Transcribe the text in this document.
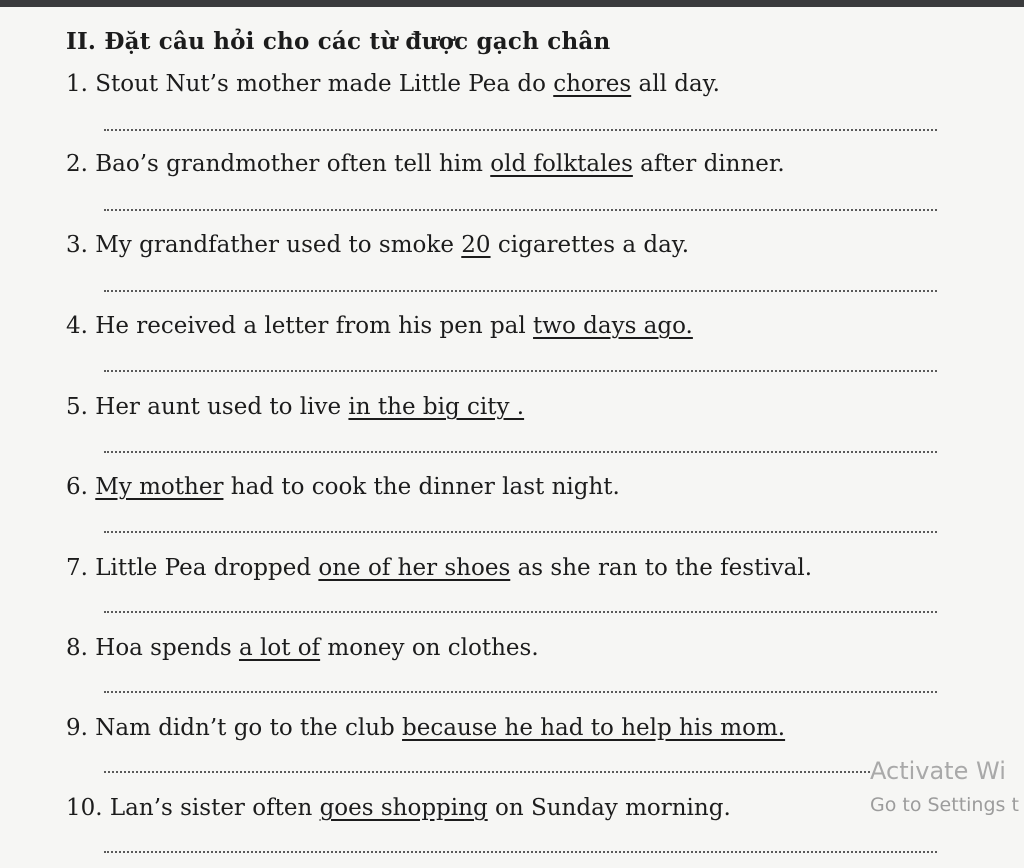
II. Đặt câu hỏi cho các từ được gạch chân
1. Stout Nut’s mother made Little Pea do chores all day.
2. Bao’s grandmother often tell him old folktales after dinner.
3. My grandfather used to smoke 20 cigarettes a day.
4. He received a letter from his pen pal two days ago.
5. Her aunt used to live in the big city .
6. My mother had to cook the dinner last night.
7. Little Pea dropped one of her shoes as she ran to the festival.
8. Hoa spends a lot of money on clothes.
9. Nam didn’t go to the club because he had to help his mom.
10. Lan’s sister often goes shopping on Sunday morning.
Activate Wi
Go to Settings t
